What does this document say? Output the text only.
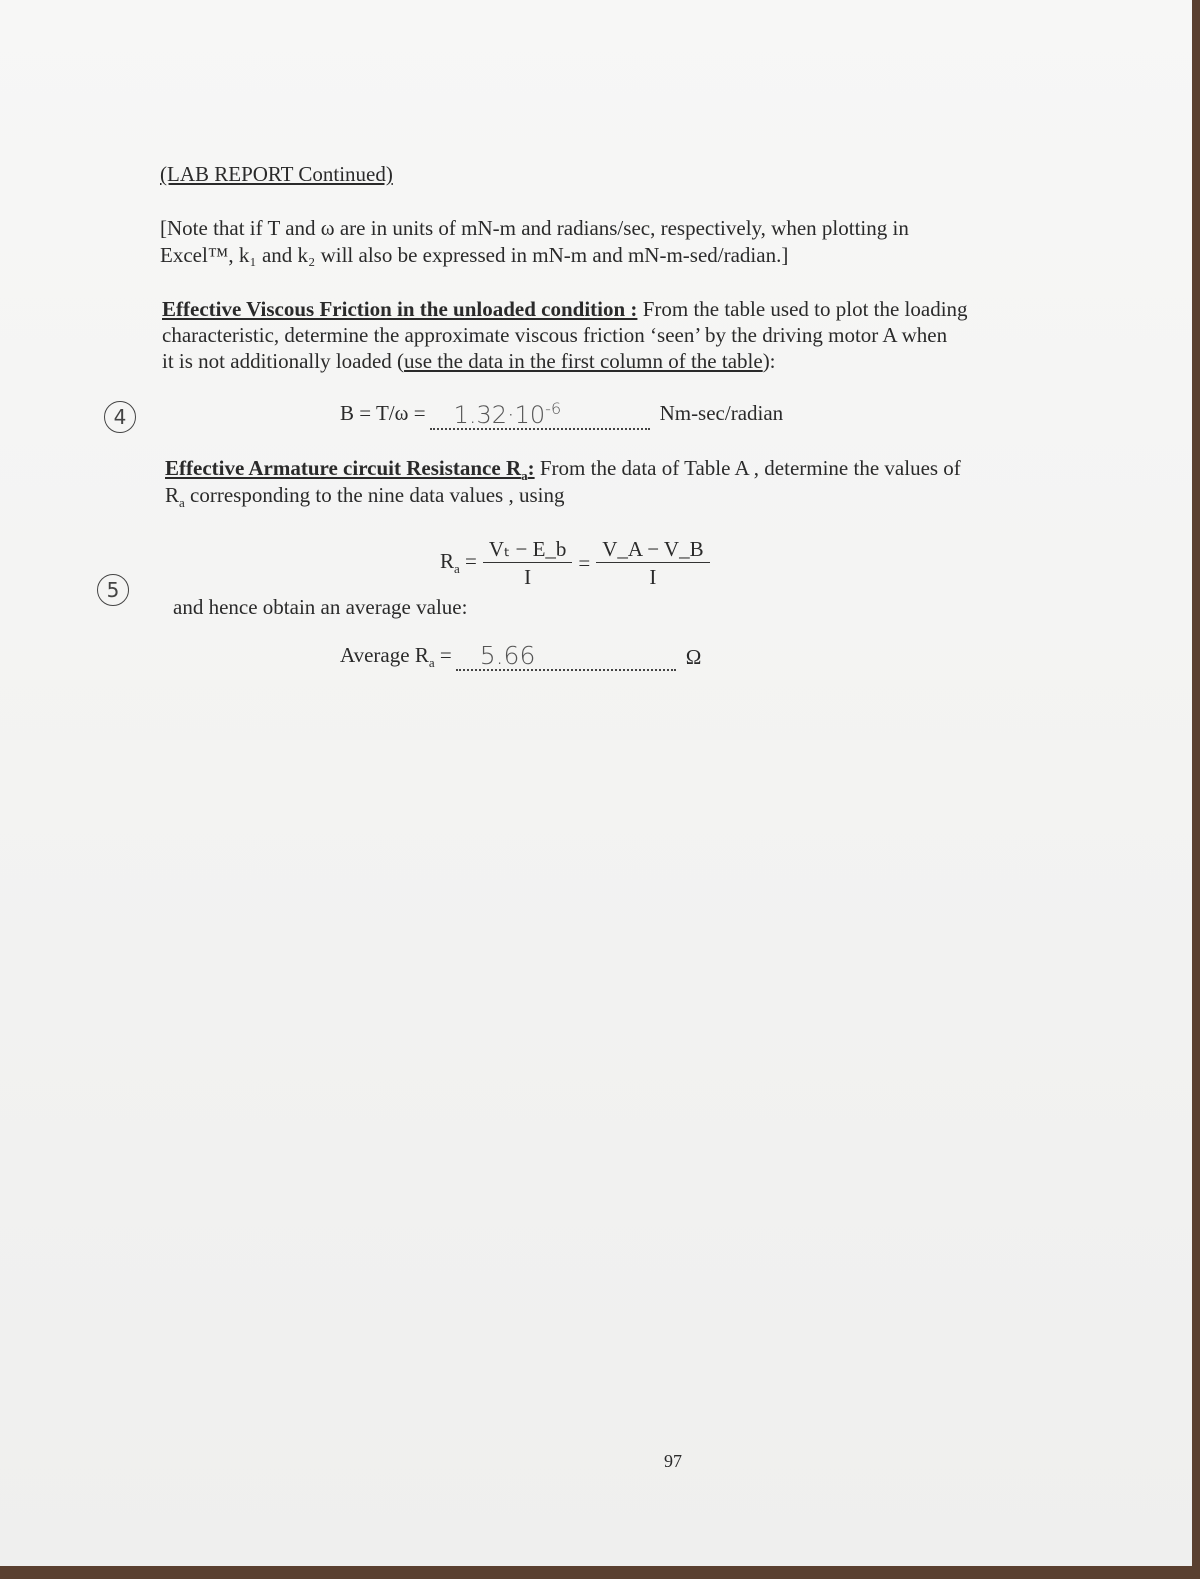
(LAB REPORT Continued)
[Note that if T and ω are in units of mN-m and radians/sec, respectively, when plotting in
Excel™, k₁ and k₂ will also be expressed in mN-m and mN-m-sed/radian.]
Effective Viscous Friction in the unloaded condition : From the table used to plot the loading
characteristic, determine the approximate viscous friction ‘seen’ by the driving motor A when
it is not additionally loaded (use the data in the first column of the table):
4	B = T/ω =	$1.32\cdot 10^{-6}$	Nm-sec/radian
Effective Armature circuit Resistance $R_a$: From the data of Table A , determine the values of
$R_a$ corresponding to the nine data values , using
5
$R_a = \frac{\text{Vₜ − E\_b}}{I} = \frac{V\_A - V\_B}{I}$
and hence obtain an average value:
Average $R_a$ =	5.66	Ω
97
